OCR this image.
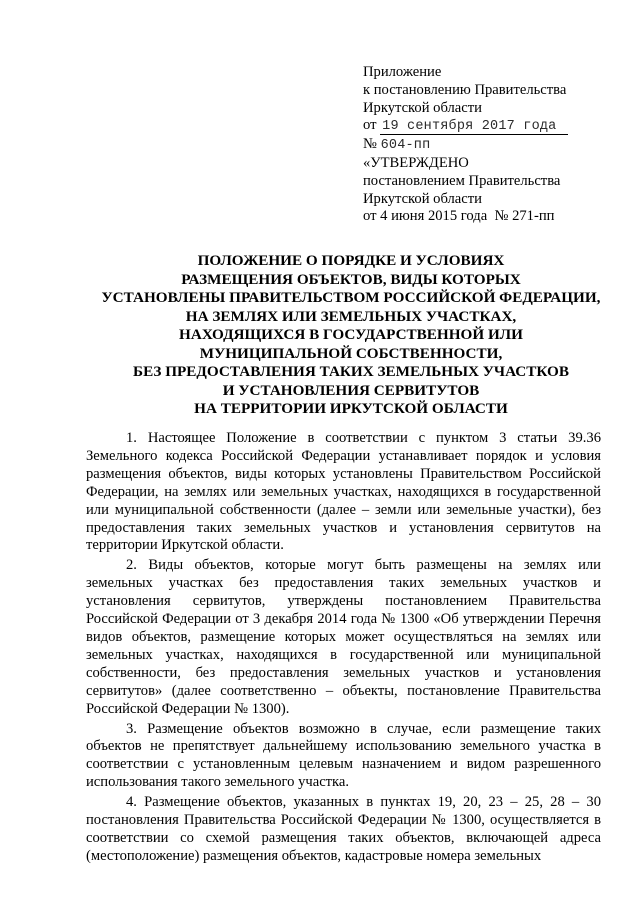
Приложение
к постановлению Правительства
Иркутской области
от 19 сентября 2017 года
№ 604-пп
«УТВЕРЖДЕНО
постановлением Правительства
Иркутской области
от 4 июня 2015 года  № 271-пп
ПОЛОЖЕНИЕ О ПОРЯДКЕ И УСЛОВИЯХ
РАЗМЕЩЕНИЯ ОБЪЕКТОВ, ВИДЫ КОТОРЫХ
УСТАНОВЛЕНЫ ПРАВИТЕЛЬСТВОМ РОССИЙСКОЙ ФЕДЕРАЦИИ,
НА ЗЕМЛЯХ ИЛИ ЗЕМЕЛЬНЫХ УЧАСТКАХ,
НАХОДЯЩИХСЯ В ГОСУДАРСТВЕННОЙ ИЛИ
МУНИЦИПАЛЬНОЙ СОБСТВЕННОСТИ,
БЕЗ ПРЕДОСТАВЛЕНИЯ ТАКИХ ЗЕМЕЛЬНЫХ УЧАСТКОВ
И УСТАНОВЛЕНИЯ СЕРВИТУТОВ
НА ТЕРРИТОРИИ ИРКУТСКОЙ ОБЛАСТИ

1. Настоящее Положение в соответствии с пунктом 3 статьи 39.36 Земельного кодекса Российской Федерации устанавливает порядок и условия размещения объектов, виды которых установлены Правительством Российской Федерации, на землях или земельных участках, находящихся в государственной или муниципальной собственности (далее – земли или земельные участки), без предоставления таких земельных участков и установления сервитутов на территории Иркутской области.

2. Виды объектов, которые могут быть размещены на землях или земельных участках без предоставления таких земельных участков и установления сервитутов, утверждены постановлением Правительства Российской Федерации от 3 декабря 2014 года № 1300 «Об утверждении Перечня видов объектов, размещение которых может осуществляться на землях или земельных участках, находящихся в государственной или муниципальной собственности, без предоставления земельных участков и установления сервитутов» (далее соответственно – объекты, постановление Правительства Российской Федерации № 1300).

3. Размещение объектов возможно в случае, если размещение таких объектов не препятствует дальнейшему использованию земельного участка в соответствии с установленным целевым назначением и видом разрешенного использования такого земельного участка.

4. Размещение объектов, указанных в пунктах 19, 20, 23 – 25, 28 – 30 постановления Правительства Российской Федерации № 1300, осуществляется в соответствии со схемой размещения таких объектов, включающей адреса (местоположение) размещения объектов, кадастровые номера земельных
